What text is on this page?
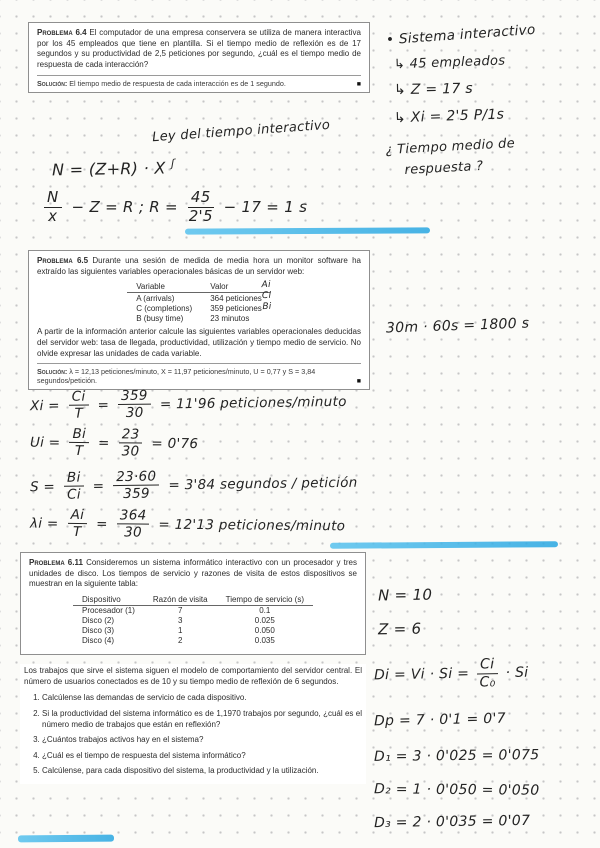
Problema 6.4 El computador de una empresa conservera se utiliza de manera interactiva por los 45 empleados que tiene en plantilla. Si el tiempo medio de reflexión es de 17 segundos y su productividad de 2,5 peticiones por segundo, ¿cuál es el tiempo medio de respuesta de cada interacción?

Solución: El tiempo medio de respuesta de cada interacción es de 1 segundo.	■
• Sistema interactivo
↳ 45 empleados
↳ Z = 17 s
↳ Xi = 2'5 P/1s
¿ Tiempo medio de
respuesta ?
Ley del tiempo interactivo
N = (Z+R) · X $^ʃ$
$\frac{N}{x} - Z = R$ ; $R = \frac{45}{2'5} - 17 = 1$ s

Problema 6.5 Durante una sesión de medida de media hora un monitor software ha extraído las siguientes variables operacionales básicas de un servidor web:

Variable	Valor
A (arrivals)	364 peticiones
C (completions)	359 peticiones
B (busy time)	23 minutos

A partir de la información anterior calcule las siguientes variables operacionales deducidas del servidor web: tasa de llegada, productividad, utilización y tiempo medio de servicio. No olvide expresar las unidades de cada variable.

Solución: λ = 12,13 peticiones/minuto, X = 11,97 peticiones/minuto, U = 0,77 y S = 3,84 segundos/petición.	■
Ai
Ci
Bi
30m · 60s = 1800 s
$Xi = \frac{Ci}{T} = \frac{359}{30} = 11'96$ peticiones/minuto
$Ui = \frac{Bi}{T} = \frac{23}{30} = 0'76$
$S = \frac{Bi}{Ci} = \frac{23\cdot 60}{359} = 3'84$ segundos / petición
$\lambda i = \frac{Ai}{T} = \frac{364}{30} = 12'13$ peticiones/minuto

Problema 6.11 Consideremos un sistema informático interactivo con un procesador y tres unidades de disco. Los tiempos de servicio y razones de visita de estos dispositivos se muestran en la siguiente tabla:

Dispositivo	Razón de visita	Tiempo de servicio (s)
Procesador (1)	7	0.1
Disco (2)	3	0.025
Disco (3)	1	0.050
Disco (4)	2	0.035

Los trabajos que sirve el sistema siguen el modelo de comportamiento del servidor central. El número de usuarios conectados es de 10 y su tiempo medio de reflexión de 6 segundos.

1. Calcúlense las demandas de servicio de cada dispositivo.
2. Si la productividad del sistema informático es de 1,1970 trabajos por segundo, ¿cuál es el número medio de trabajos que están en reflexión?
3. ¿Cuántos trabajos activos hay en el sistema?
4. ¿Cuál es el tiempo de respuesta del sistema informático?
5. Calcúlense, para cada dispositivo del sistema, la productividad y la utilización.
N = 10
Z = 6
$Di = Vi \cdot Si = \frac{Ci}{\text{C₀}} \cdot Si$
Dp = 7 · 0'1 = 0'7
D₁ = 3 · 0'025 = 0'075
D₂ = 1 · 0'050 = 0'050
D₃ = 2 · 0'035 = 0'07
